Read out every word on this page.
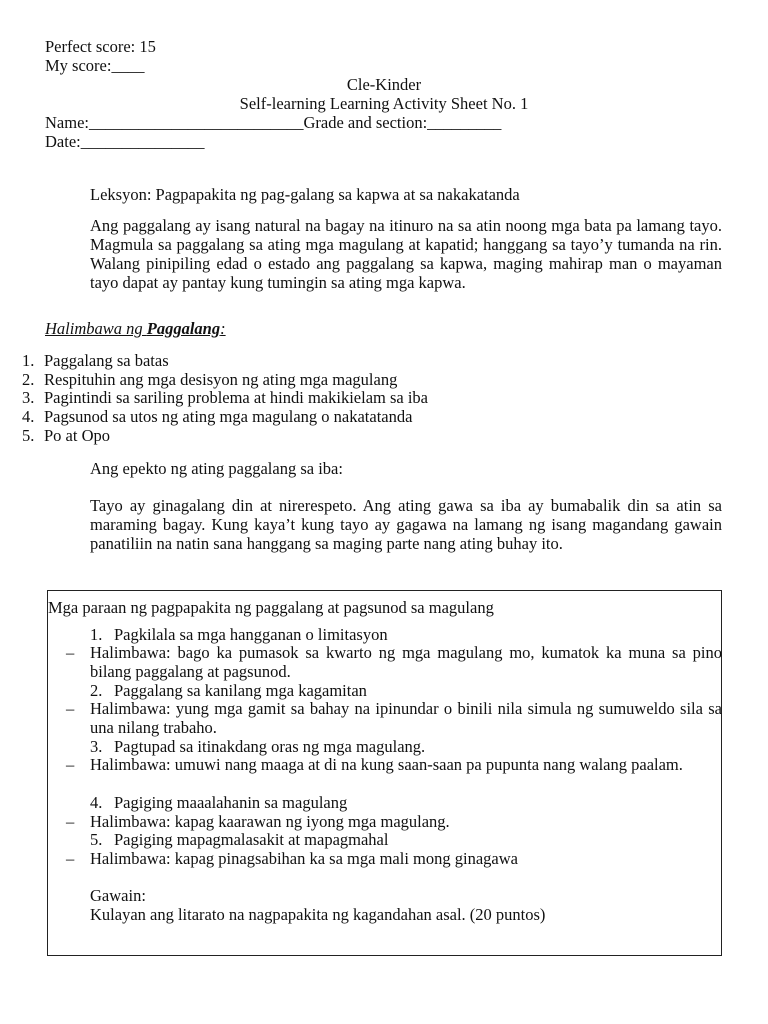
Perfect score: 15
My score:____
Cle-Kinder
Self-learning Learning Activity Sheet No. 1
Name:__________________________Grade and section:_________
Date:_______________
Leksyon: Pagpapakita ng pag-galang sa kapwa at sa nakakatanda
Ang paggalang ay isang natural na bagay na itinuro na sa atin noong mga bata pa lamang tayo. Magmula sa paggalang sa ating mga magulang at kapatid; hanggang sa tayo’y tumanda na rin. Walang pinipiling edad o estado ang paggalang sa kapwa, maging mahirap man o mayaman tayo dapat ay pantay kung tumingin sa ating mga kapwa.
Halimbawa ng Paggalang:
1. Paggalang sa batas
2. Respituhin ang mga desisyon ng ating mga magulang
3. Pagintindi sa sariling problema at hindi makikielam sa iba
4. Pagsunod sa utos ng ating mga magulang o nakatatanda
5. Po at Opo
Ang epekto ng ating paggalang sa iba:
Tayo ay ginagalang din at nirerespeto. Ang ating gawa sa iba ay bumabalik din sa atin sa maraming bagay. Kung kaya’t kung tayo ay gagawa na lamang ng isang magandang gawain panatiliin na natin sana hanggang sa maging parte nang ating buhay ito.
Mga paraan ng pagpapakita ng paggalang at pagsunod sa magulang
1. Pagkilala sa mga hangganan o limitasyon
– Halimbawa: bago ka pumasok sa kwarto ng mga magulang mo, kumatok ka muna sa pino bilang paggalang at pagsunod.
2. Paggalang sa kanilang mga kagamitan
– Halimbawa: yung mga gamit sa bahay na ipinundar o binili nila simula ng sumuweldo sila sa una nilang trabaho.
3. Pagtupad sa itinakdang oras ng mga magulang.
– Halimbawa: umuwi nang maaga at di na kung saan-saan pa pupunta nang walang paalam.
4. Pagiging maaalahanin sa magulang
– Halimbawa: kapag kaarawan ng iyong mga magulang.
5. Pagiging mapagmalasakit at mapagmahal
– Halimbawa: kapag pinagsabihan ka sa mga mali mong ginagawa
Gawain:
Kulayan ang litarato na nagpapakita ng kagandahan asal. (20 puntos)
